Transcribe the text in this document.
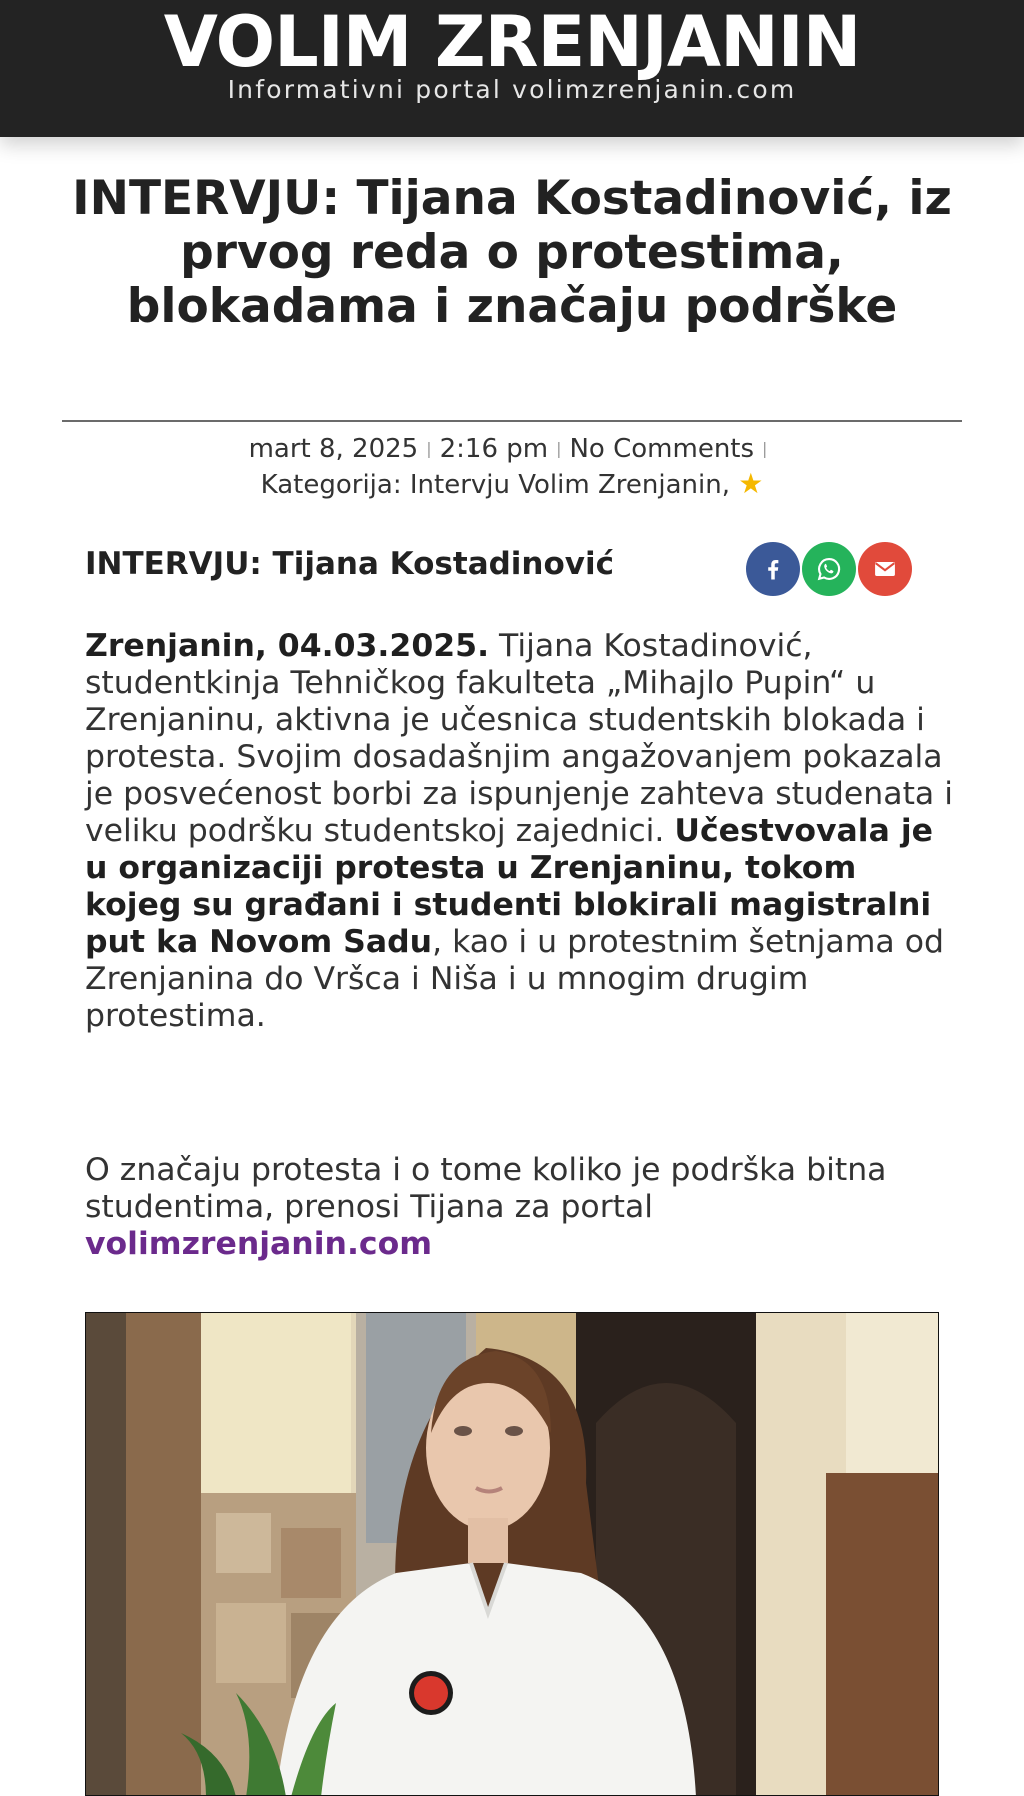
VOLIM ZRENJANIN
Informativni portal volimzrenjanin.com
INTERVJU: Tijana Kostadinović, iz prvog reda o protestima, blokadama i značaju podrške
mart 8, 2025 | 2:16 pm | No Comments |
Kategorija: Intervju Volim Zrenjanin, ★
INTERVJU: Tijana Kostadinović

Zrenjanin, 04.03.2025. Tijana Kostadinović, studentkinja Tehničkog fakulteta „Mihajlo Pupin“ u Zrenjaninu, aktivna je učesnica studentskih blokada i protesta. Svojim dosadašnjim angažovanjem pokazala je posvećenost borbi za ispunjenje zahteva studenata i veliku podršku studentskoj zajednici. Učestvovala je u organizaciji protesta u Zrenjaninu, tokom kojeg su građani i studenti blokirali magistralni put ka Novom Sadu, kao i u protestnim šetnjama od Zrenjanina do Vršca i Niša i u mnogim drugim protestima.

O značaju protesta i o tome koliko je podrška bitna studentima, prenosi Tijana za portal volimzrenjanin.com
